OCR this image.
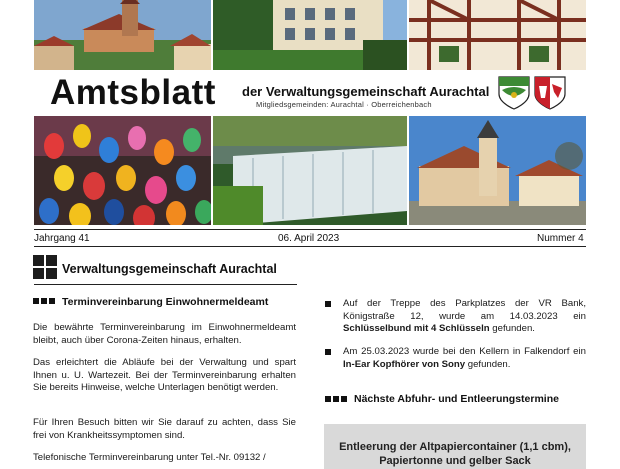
Amtsblatt der Verwaltungsgemeinschaft Aurachtal
Mitgliedsgemeinden: Aurachtal · Oberreichenbach
Jahrgang 41	06. April 2023	Nummer 4
Verwaltungsgemeinschaft Aurachtal
Terminvereinbarung Einwohnermeldeamt
Die bewährte Terminvereinbarung im Einwohnermeldeamt bleibt, auch über Corona-Zeiten hinaus, erhalten.
Das erleichtert die Abläufe bei der Verwaltung und spart Ihnen u. U. Wartezeit. Bei der Terminvereinbarung erhalten Sie bereits Hinweise, welche Unterlagen benötigt werden.
Für Ihren Besuch bitten wir Sie darauf zu achten, dass Sie frei von Krankheitssymptomen sind.
Telefonische Terminvereinbarung unter Tel.-Nr. 09132 /
Auf der Treppe des Parkplatzes der VR Bank, Königstraße 12, wurde am 14.03.2023 ein Schlüsselbund mit 4 Schlüsseln gefunden.
Am 25.03.2023 wurde bei den Kellern in Falkendorf ein In-Ear Kopfhörer von Sony gefunden.
Nächste Abfuhr- und Entleerungstermine
Entleerung der Altpapiercontainer (1,1 cbm),
Papiertonne und gelber Sack
